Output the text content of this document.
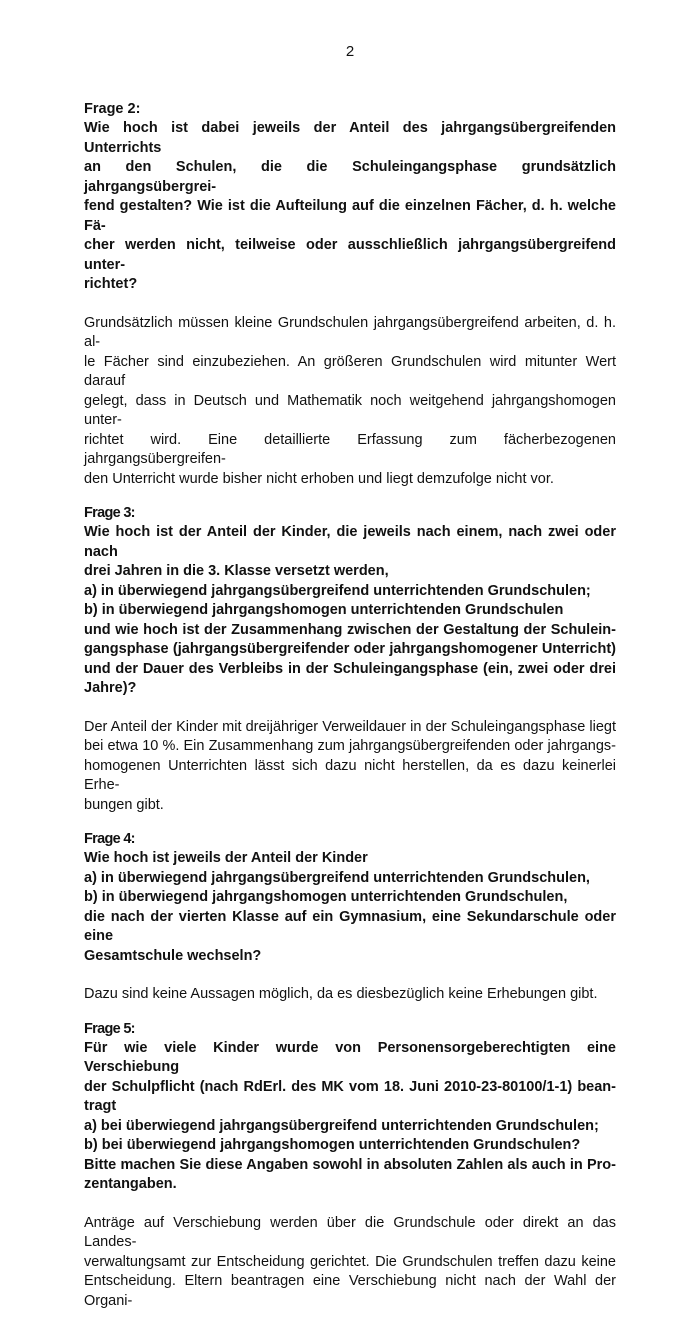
2
Frage 2:
Wie hoch ist dabei jeweils der Anteil des jahrgangsübergreifenden Unterrichts
an den Schulen, die die Schuleingangsphase grundsätzlich jahrgangsübergrei-
fend gestalten? Wie ist die Aufteilung auf die einzelnen Fächer, d. h. welche Fä-
cher werden nicht, teilweise oder ausschließlich jahrgangsübergreifend unter-
richtet?
Grundsätzlich müssen kleine Grundschulen jahrgangsübergreifend arbeiten, d. h. al-
le Fächer sind einzubeziehen. An größeren Grundschulen wird mitunter Wert darauf
gelegt, dass in Deutsch und Mathematik noch weitgehend jahrgangshomogen unter-
richtet wird. Eine detaillierte Erfassung zum fächerbezogenen jahrgangsübergreifen-
den Unterricht wurde bisher nicht erhoben und liegt demzufolge nicht vor.
Frage 3:
Wie hoch ist der Anteil der Kinder, die jeweils nach einem, nach zwei oder nach
drei Jahren in die 3. Klasse versetzt werden,
a) in überwiegend jahrgangsübergreifend unterrichtenden Grundschulen;
b) in überwiegend jahrgangshomogen unterrichtenden Grundschulen
und wie hoch ist der Zusammenhang zwischen der Gestaltung der Schulein-
gangsphase (jahrgangsübergreifender oder jahrgangshomogener Unterricht)
und der Dauer des Verbleibs in der Schuleingangsphase (ein, zwei oder drei
Jahre)?
Der Anteil der Kinder mit dreijähriger Verweildauer in der Schuleingangsphase liegt
bei etwa 10 %. Ein Zusammenhang zum jahrgangsübergreifenden oder jahrgangs-
homogenen Unterrichten lässt sich dazu nicht herstellen, da es dazu keinerlei Erhe-
bungen gibt.
Frage 4:
Wie hoch ist jeweils der Anteil der Kinder
a) in überwiegend jahrgangsübergreifend unterrichtenden Grundschulen,
b) in überwiegend jahrgangshomogen unterrichtenden Grundschulen,
die nach der vierten Klasse auf ein Gymnasium, eine Sekundarschule oder eine
Gesamtschule wechseln?
Dazu sind keine Aussagen möglich, da es diesbezüglich keine Erhebungen gibt.
Frage 5:
Für wie viele Kinder wurde von Personensorgeberechtigten eine Verschiebung
der Schulpflicht (nach RdErl. des MK vom 18. Juni 2010-23-80100/1-1) bean-
tragt
a) bei überwiegend jahrgangsübergreifend unterrichtenden Grundschulen;
b) bei überwiegend jahrgangshomogen unterrichtenden Grundschulen?
Bitte machen Sie diese Angaben sowohl in absoluten Zahlen als auch in Pro-
zentangaben.
Anträge auf Verschiebung werden über die Grundschule oder direkt an das Landes-
verwaltungsamt zur Entscheidung gerichtet. Die Grundschulen treffen dazu keine
Entscheidung. Eltern beantragen eine Verschiebung nicht nach der Wahl der Organi-
